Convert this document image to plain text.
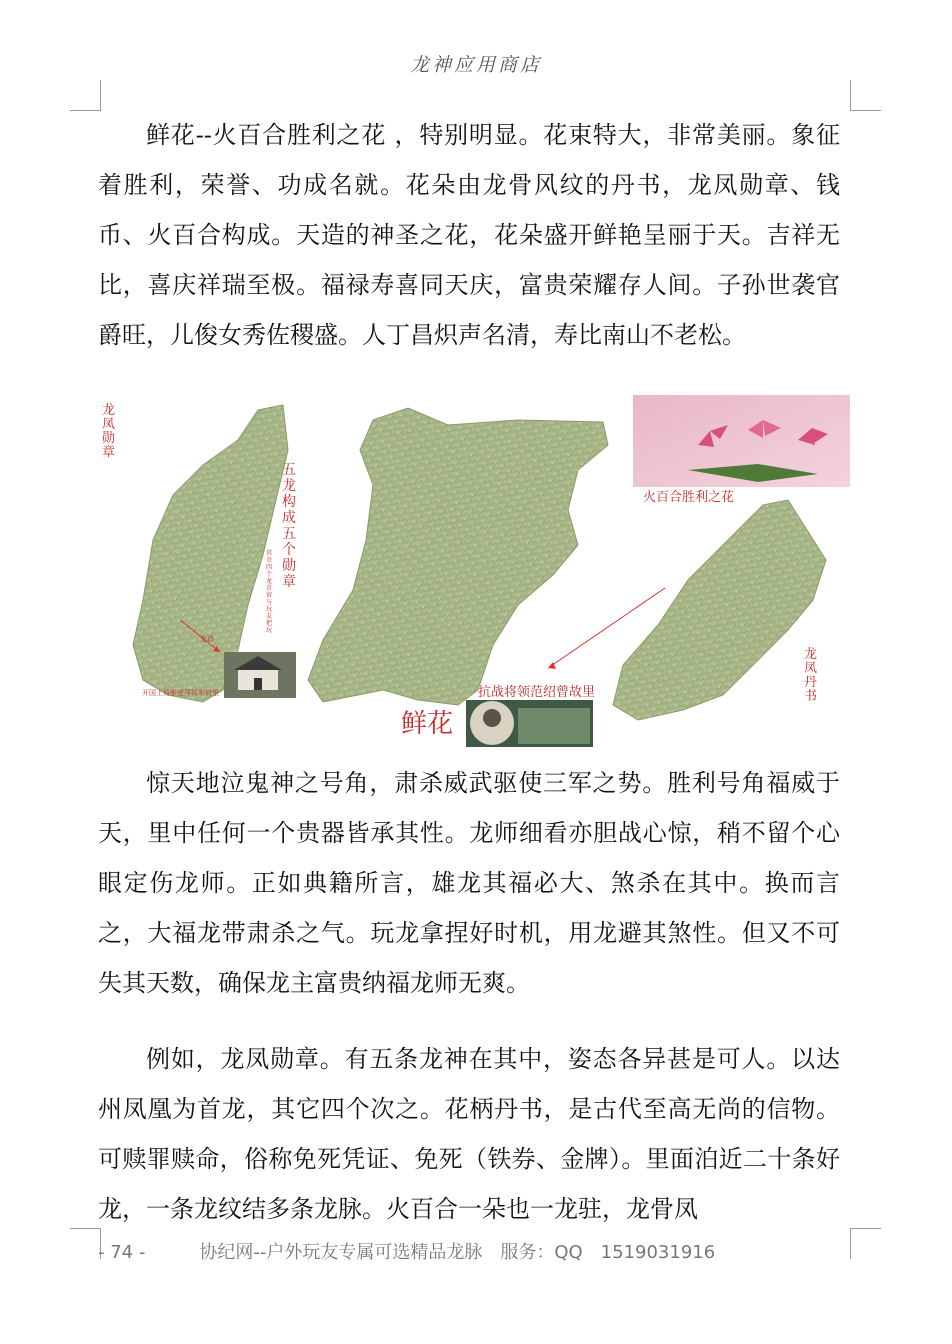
龙神应用商店

鲜花--火百合胜利之花 ，特别明显。花束特大，非常美丽。象征着胜利，荣誉、功成名就。花朵由龙骨风纹的丹书，龙凤勋章、钱币、火百合构成。天造的神圣之花，花朵盛开鲜艳呈丽于天。吉祥无比，喜庆祥瑞至极。福禄寿喜同天庆，富贵荣耀存人间。子孙世袭官爵旺，儿俊女秀佐稷盛。人丁昌炽声名清，寿比南山不老松。

龙凤勋章
五龙构成五个勋章
其余四个龙首留与玩友把玩
龙首
开国上将张爱萍将军故里
火百合胜利之花
抗战将领范绍曾故里
龙凤丹书
鲜花

惊天地泣鬼神之号角，肃杀威武驱使三军之势。胜利号角福威于天，里中任何一个贵器皆承其性。龙师细看亦胆战心惊，稍不留个心眼定伤龙师。正如典籍所言，雄龙其福必大、煞杀在其中。换而言之，大福龙带肃杀之气。玩龙拿捏好时机，用龙避其煞性。但又不可失其天数，确保龙主富贵纳福龙师无爽。

例如，龙凤勋章。有五条龙神在其中，姿态各异甚是可人。以达州凤凰为首龙，其它四个次之。花柄丹书，是古代至高无尚的信物。可赎罪赎命，俗称免死凭证、免死（铁券、金牌）。里面泊近二十条好龙，一条龙纹结多条龙脉。火百合一朵也一龙驻，龙骨凤

- 74 -	协纪网--户外玩友专属可选精品龙脉　服务：QQ　1519031916
